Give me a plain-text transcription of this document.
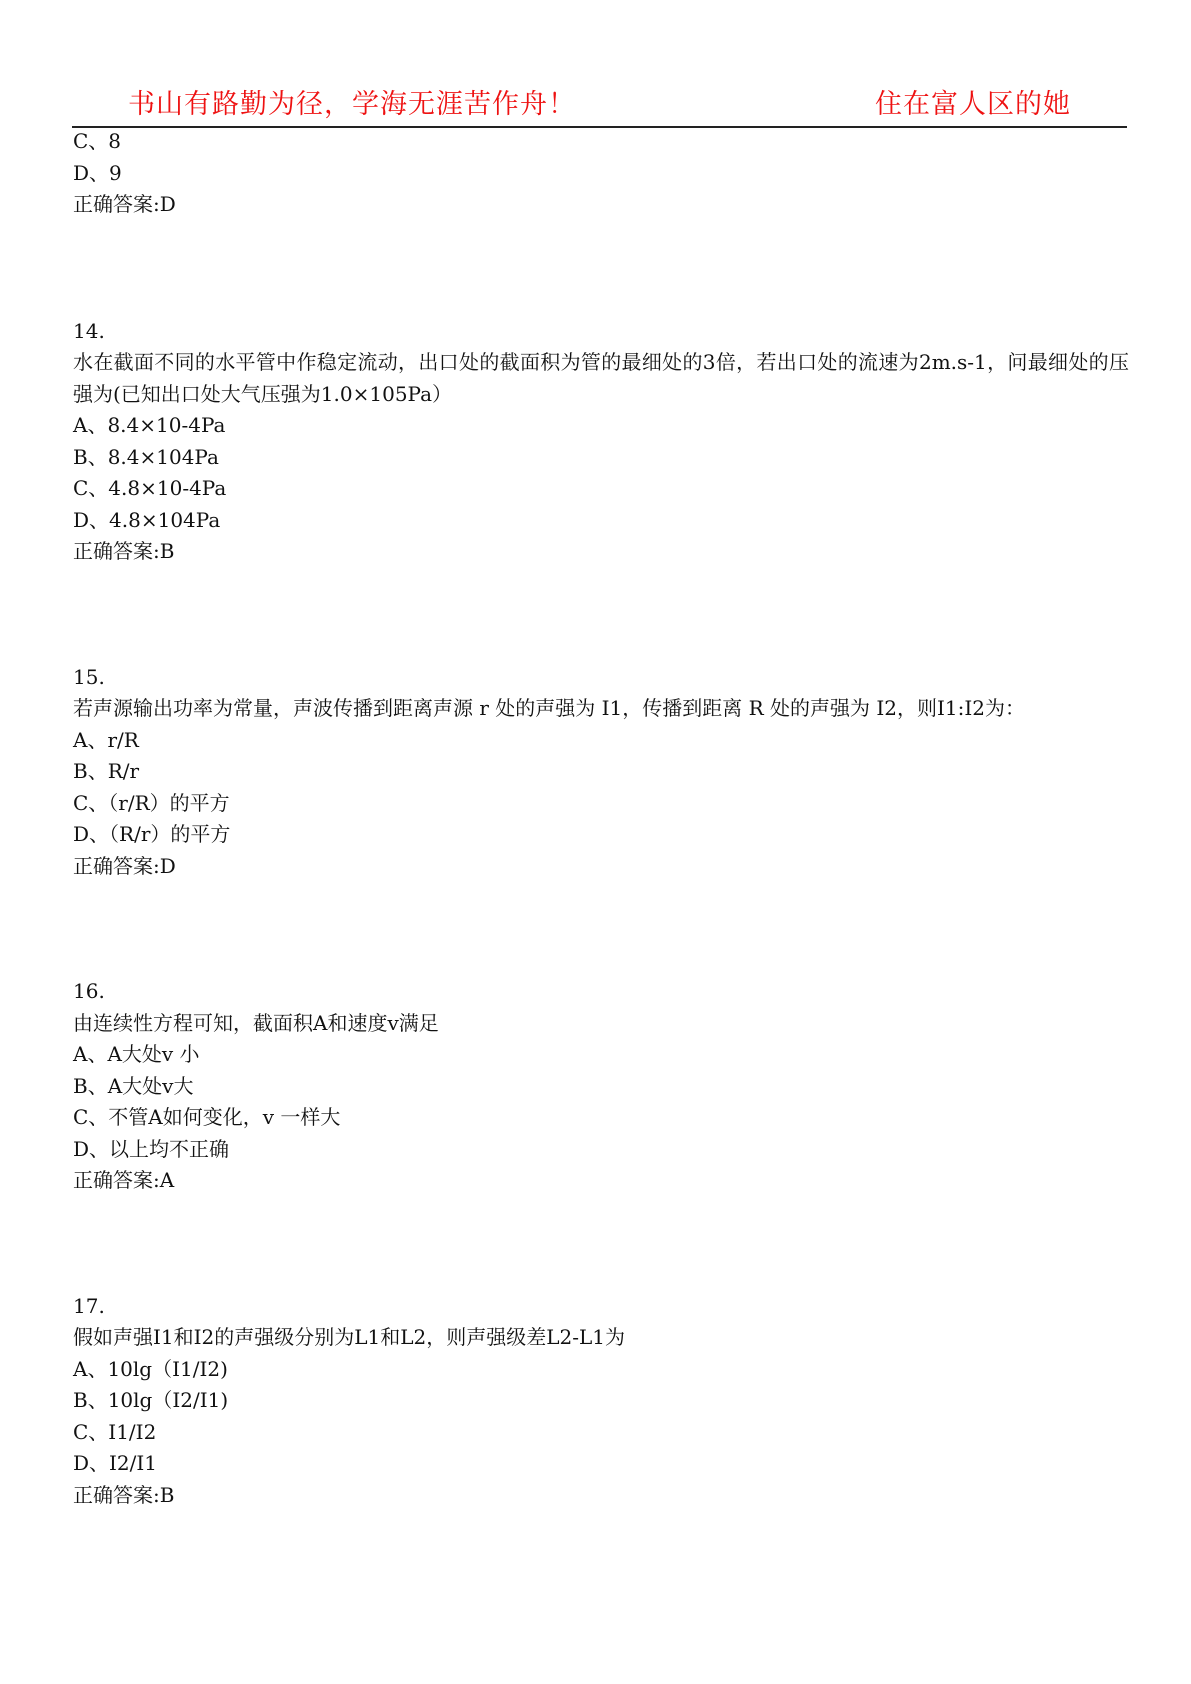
书山有路勤为径，学海无涯苦作舟！	住在富人区的她
C、8
D、9
正确答案:D
14.
水在截面不同的水平管中作稳定流动，出口处的截面积为管的最细处的3倍，若出口处的流速为2m.s-1，问最细处的压强为(已知出口处大气压强为1.0×105Pa）
A、8.4×10-4Pa
B、8.4×104Pa
C、4.8×10-4Pa
D、4.8×104Pa
正确答案:B
15.
若声源输出功率为常量，声波传播到距离声源 r 处的声强为 I1，传播到距离 R 处的声强为 I2，则I1:I2为：
A、r/R
B、R/r
C、（r/R）的平方
D、（R/r）的平方
正确答案:D
16.
由连续性方程可知，截面积A和速度v满足
A、A大处v 小
B、A大处v大
C、不管A如何变化，v 一样大
D、以上均不正确
正确答案:A
17.
假如声强I1和I2的声强级分别为L1和L2，则声强级差L2-L1为
A、10lg（I1/I2)
B、10lg（I2/I1)
C、I1/I2
D、I2/I1
正确答案:B
